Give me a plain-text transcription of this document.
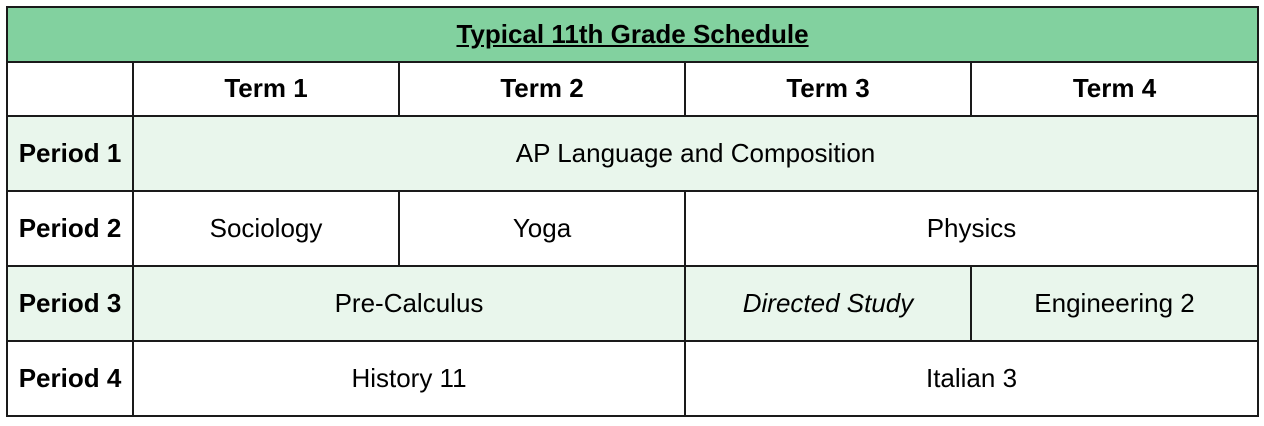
Typical 11th Grade Schedule				
	Term 1	Term 2	Term 3	Term 4
Period 1	AP Language and Composition			
Period 2	Sociology	Yoga	Physics	
Period 3	Pre-Calculus		Directed Study	Engineering 2
Period 4	History 11		Italian 3	
